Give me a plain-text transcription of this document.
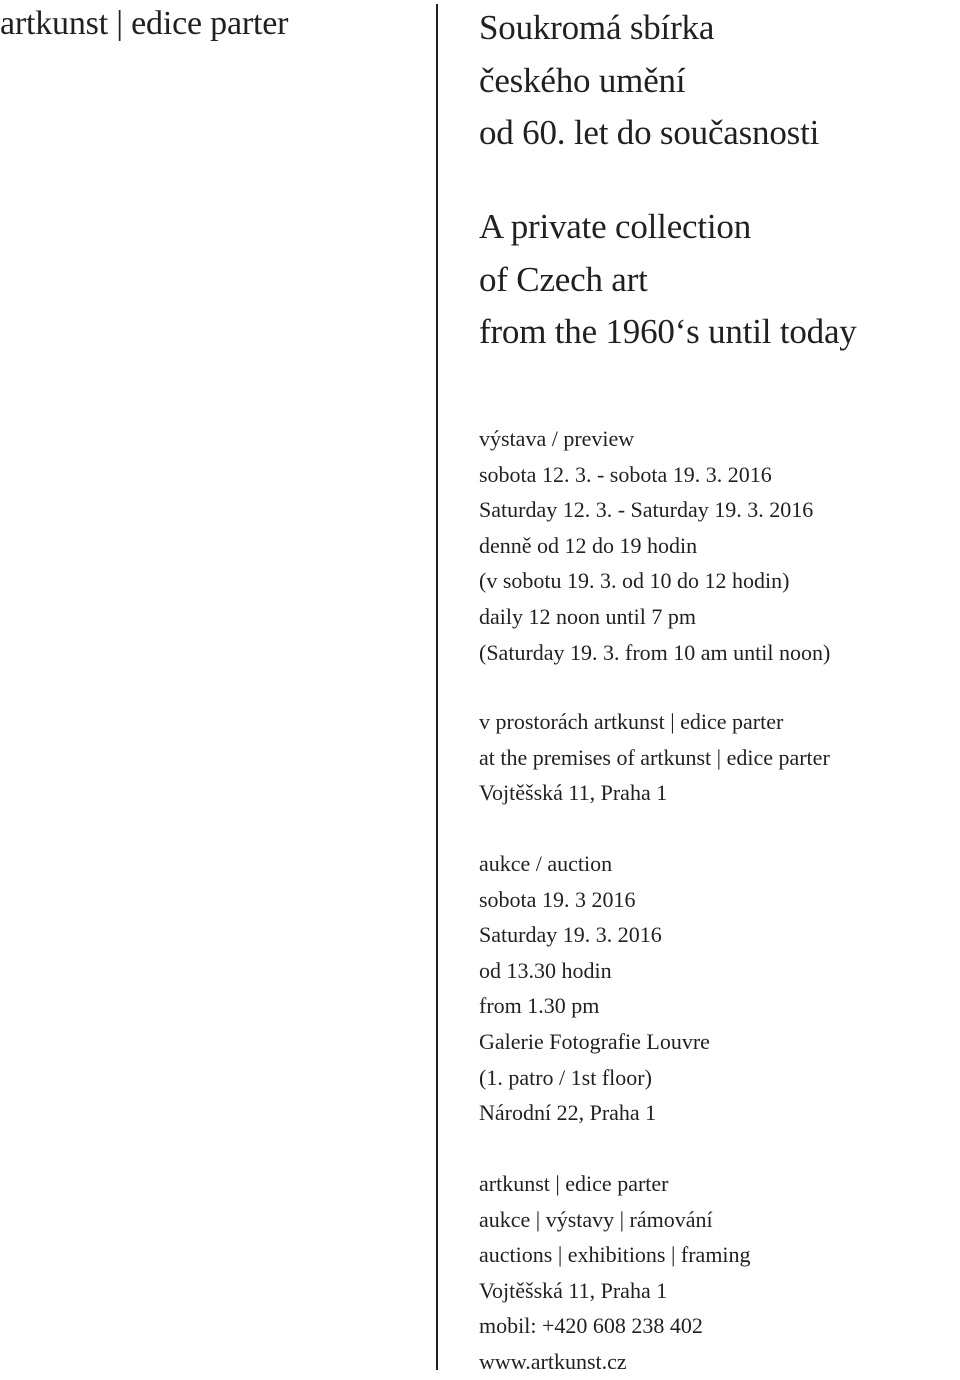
artkunst | edice parter	Soukromá sbírka
českého umění
od 60. let do současnosti
A private collection
of Czech art
from the 1960‘s until today
výstava / preview
sobota 12. 3. - sobota 19. 3. 2016
Saturday 12. 3. - Saturday 19. 3. 2016
denně od 12 do 19 hodin
(v sobotu 19. 3. od 10 do 12 hodin)
daily 12 noon until 7 pm
(Saturday 19. 3. from 10 am until noon)
v prostorách artkunst | edice parter
at the premises of artkunst | edice parter
Vojtěšská 11, Praha 1
aukce / auction
sobota 19. 3 2016
Saturday 19. 3. 2016
od 13.30 hodin
from 1.30 pm
Galerie Fotografie Louvre
(1. patro / 1st floor)
Národní 22, Praha 1
artkunst | edice parter
aukce | výstavy | rámování
auctions | exhibitions | framing
Vojtěšská 11, Praha 1
mobil: +420 608 238 402
www.artkunst.cz
